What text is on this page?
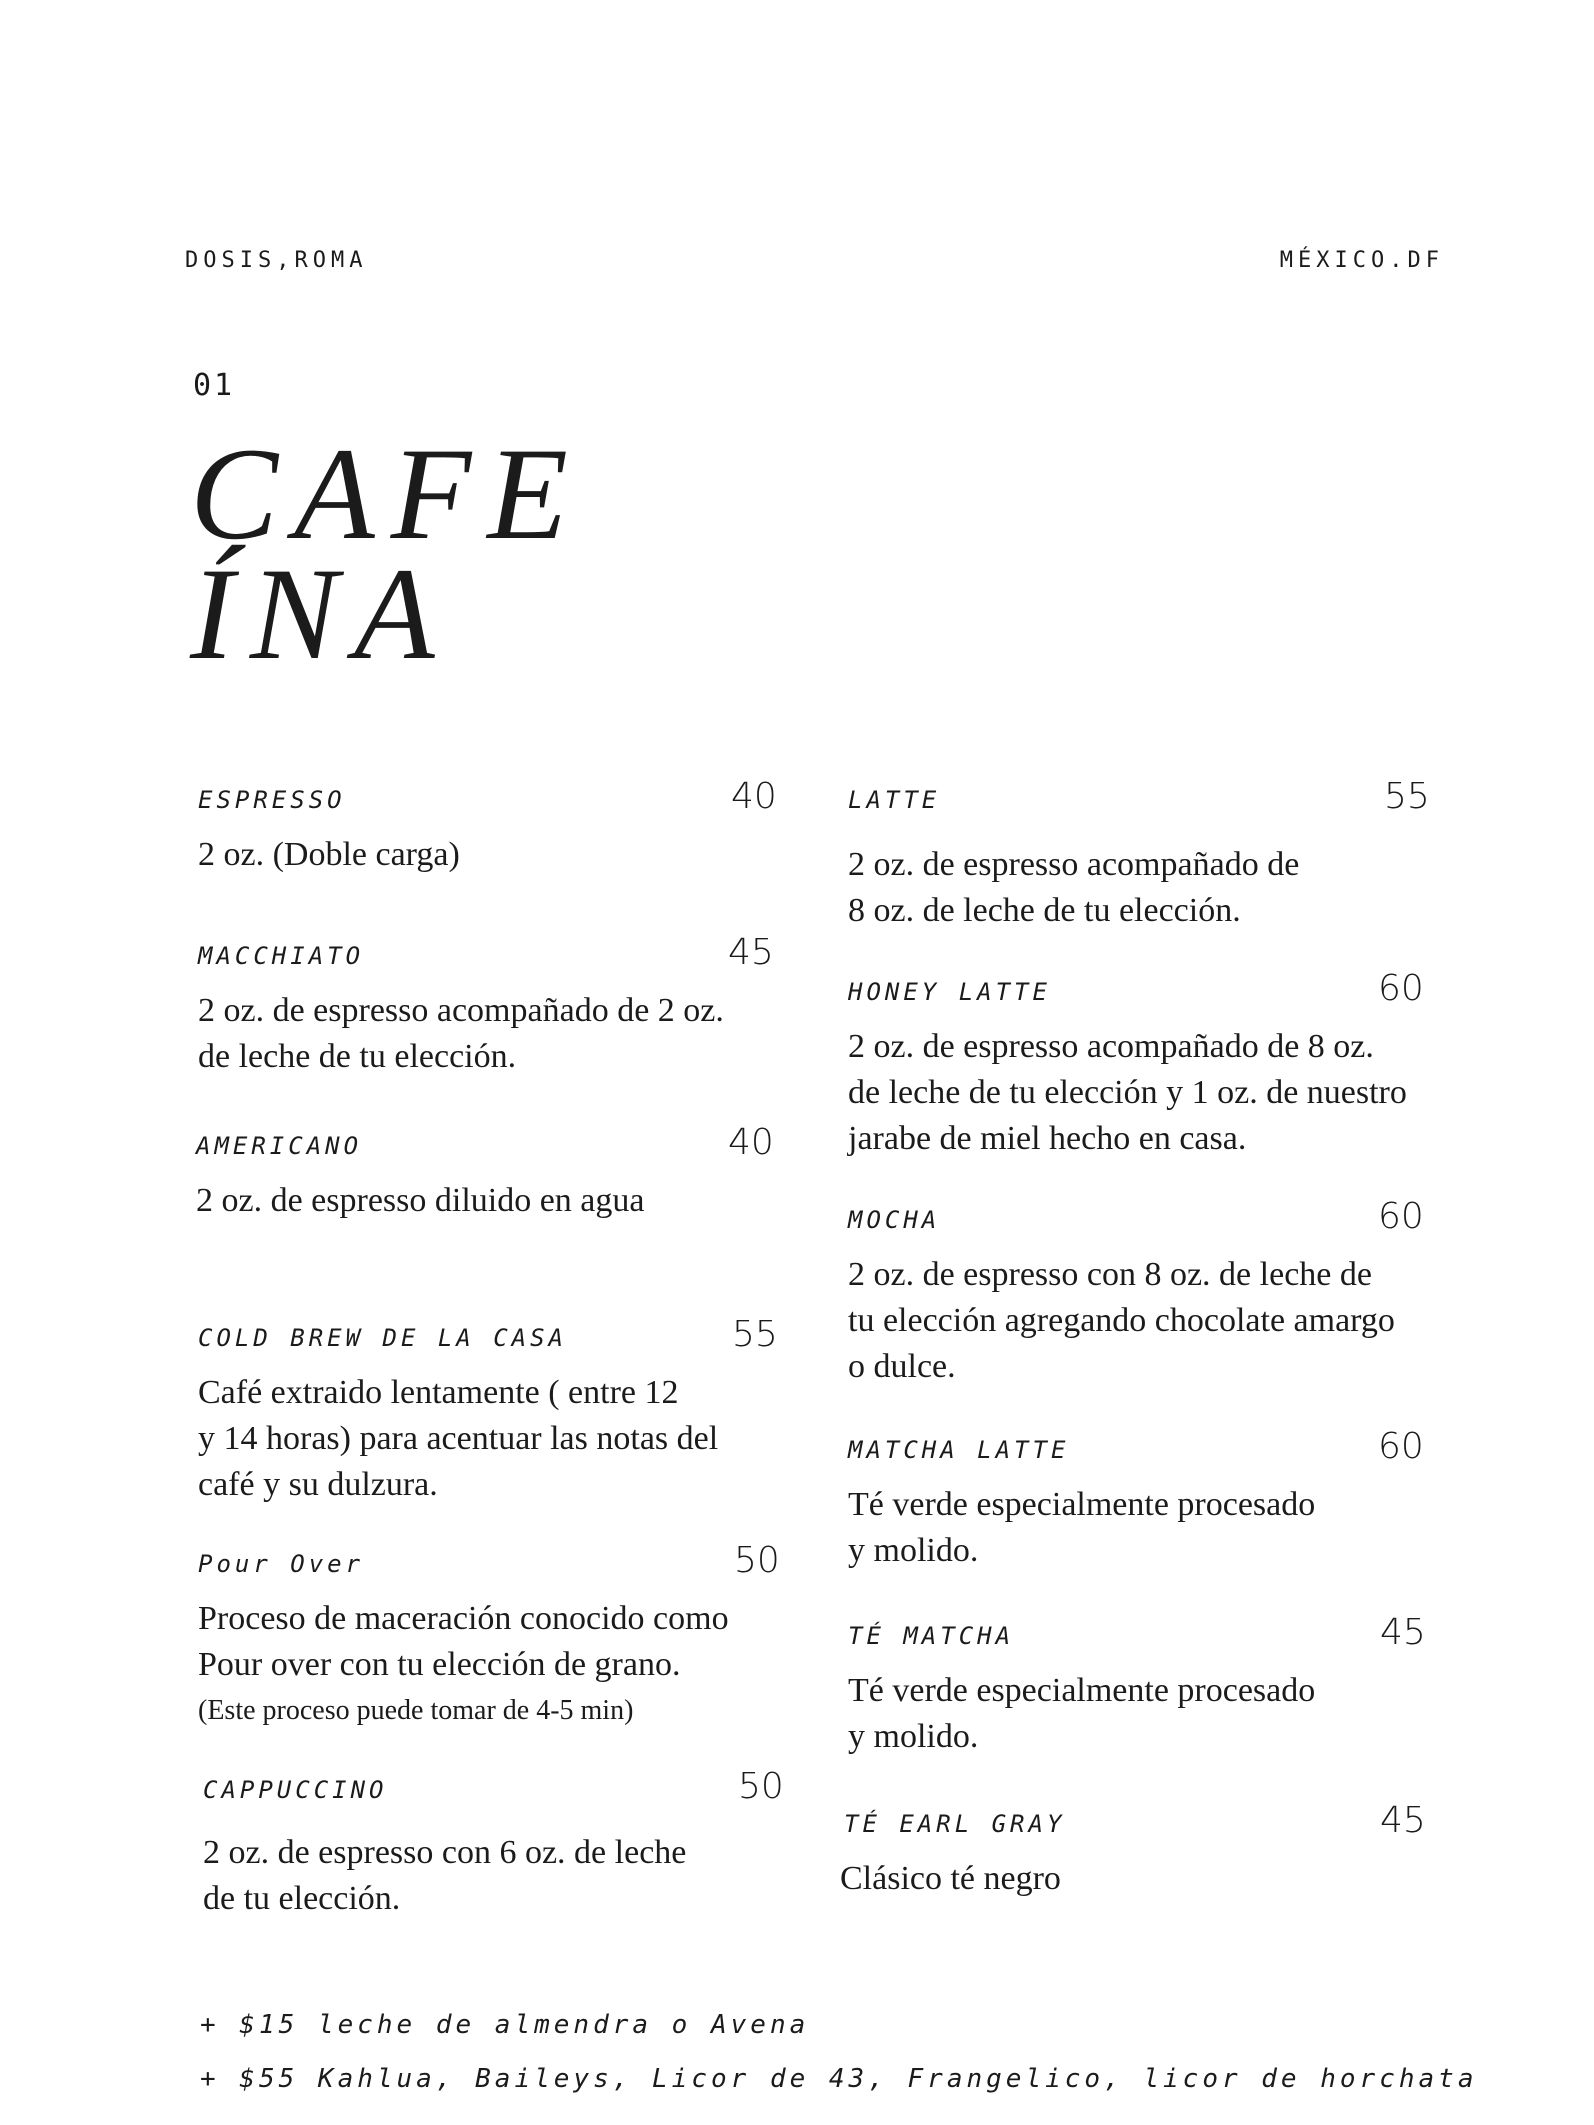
DOSIS,ROMA	MÉXICO.DF
01
CAFE
ÍNA
ESPRESSO	40
2 oz. (Doble carga)
MACCHIATO	45
2 oz. de espresso acompañado de 2 oz.
de leche de tu elección.
AMERICANO	40
2 oz. de espresso diluido en agua
COLD BREW DE LA CASA	55
Café extraido lentamente ( entre 12
y 14 horas) para acentuar las notas del
café y su dulzura.
Pour Over	50
Proceso de maceración conocido como
Pour over con tu elección de grano.
(Este proceso puede tomar de 4-5 min)
CAPPUCCINO	50
2 oz. de espresso con 6 oz. de leche
de tu elección.
LATTE	55
2 oz. de espresso acompañado de
8 oz. de leche de tu elección.
HONEY LATTE	60
2 oz. de espresso acompañado de 8 oz.
de leche de tu elección y 1 oz. de nuestro
jarabe de miel hecho en casa.
MOCHA	60
2 oz. de espresso con 8 oz. de leche de
tu elección agregando chocolate amargo
o dulce.
MATCHA LATTE	60
Té verde especialmente procesado
y molido.
TÉ MATCHA	45
Té verde especialmente procesado
y molido.
TÉ EARL GRAY	45
Clásico té negro
+ $15 leche de almendra o Avena
+ $55 Kahlua, Baileys, Licor de 43, Frangelico, licor de horchata
